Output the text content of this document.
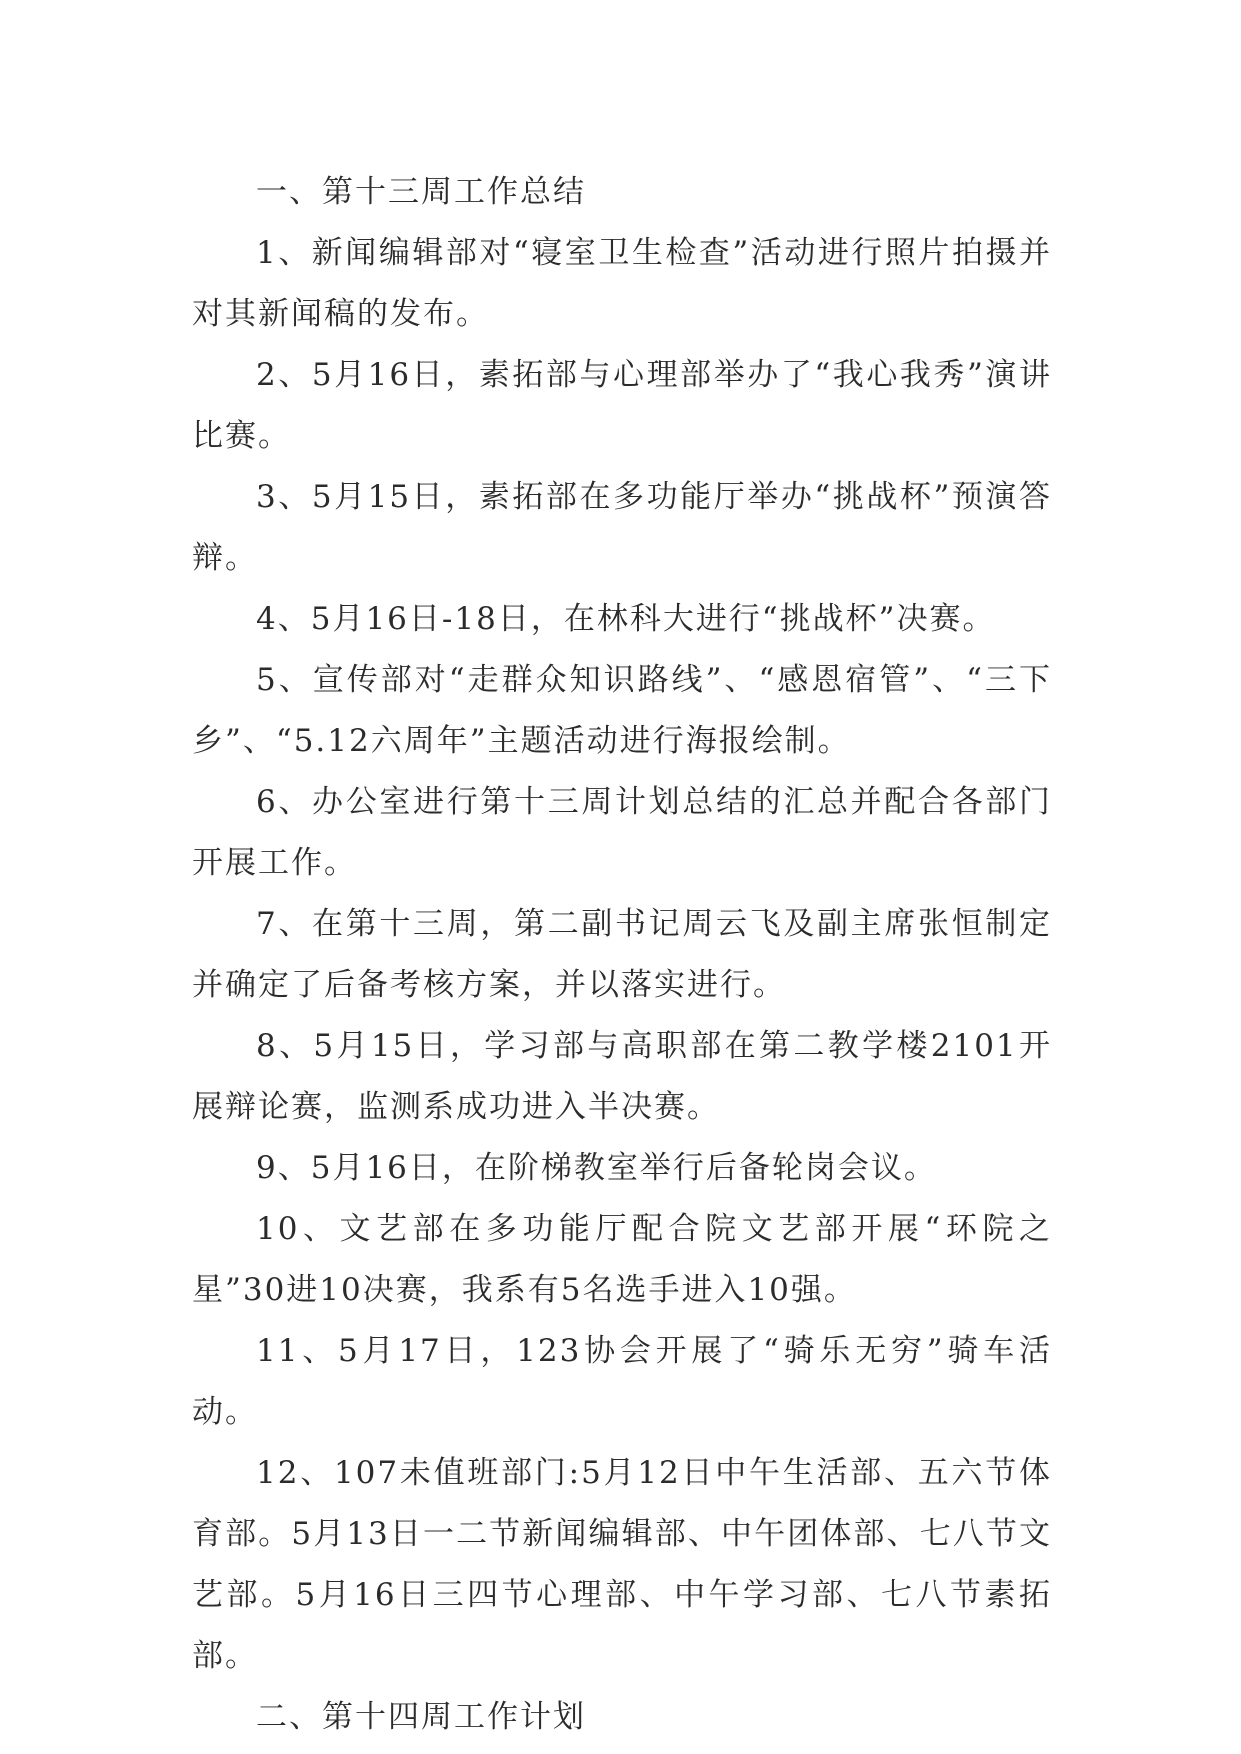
一、第十三周工作总结

1、新闻编辑部对“寝室卫生检查”活动进行照片拍摄并对其新闻稿的发布。

2、5月16日，素拓部与心理部举办了“我心我秀”演讲比赛。

3、5月15日，素拓部在多功能厅举办“挑战杯”预演答辩。

4、5月16日-18日，在林科大进行“挑战杯”决赛。

5、宣传部对“走群众知识路线”、“感恩宿管”、“三下乡”、“5.12六周年”主题活动进行海报绘制。

6、办公室进行第十三周计划总结的汇总并配合各部门开展工作。

7、在第十三周，第二副书记周云飞及副主席张恒制定并确定了后备考核方案，并以落实进行。

8、5月15日，学习部与高职部在第二教学楼2101开展辩论赛，监测系成功进入半决赛。

9、5月16日，在阶梯教室举行后备轮岗会议。

10、文艺部在多功能厅配合院文艺部开展“环院之星”30进10决赛，我系有5名选手进入10强。

11、5月17日，123协会开展了“骑乐无穷”骑车活动。

12、107未值班部门:5月12日中午生活部、五六节体育部。5月13日一二节新闻编辑部、中午团体部、七八节文艺部。5月16日三四节心理部、中午学习部、七八节素拓部。

二、第十四周工作计划
